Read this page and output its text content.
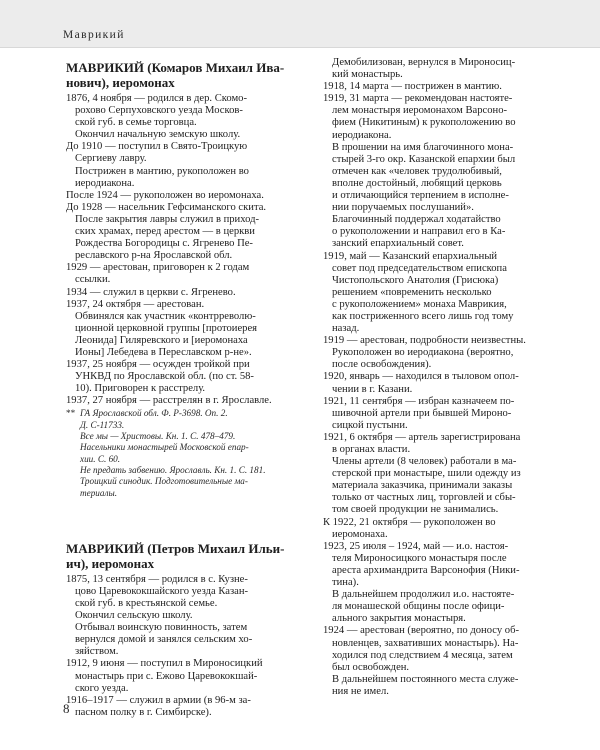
Маврикий
МАВРИКИЙ (Комаров Михаил Ива-
нович), иеромонах

1876, 4 ноября — родился в дер. Скомо-

рохово Серпуховского уезда Москов-

ской губ. в семье торговца.

Окончил начальную земскую школу.

До 1910 — поступил в Свято-Троицкую

Сергиеву лавру.

Пострижен в мантию, рукоположен во

иеродиакона.

После 1924 — рукоположен во иеромонаха.

До 1928 — насельник Гефсиманского скита.

После закрытия лавры служил в приход-

ских храмах, перед арестом — в церкви

Рождества Богородицы с. Ягренево Пе-

реславского р-на Ярославской обл.

1929 — арестован, приговорен к 2 годам

ссылки.

1934 — служил в церкви с. Ягренево.

1937, 24 октября — арестован.

Обвинялся как участник «контрреволю-

ционной церковной группы [протоиерея

Леонида] Гиляревского и [иеромонаха

Ионы] Лебедева в Переславском р-не».

1937, 25 ноября — осужден тройкой при

УНКВД по Ярославской обл. (по ст. 58-

10). Приговорен к расстрелу.

1937, 27 ноября — расстрелян в г. Ярославле.

** ГА Ярославской обл. Ф. Р-3698. Оп. 2.

Д. С-11733.

Все мы — Христовы. Кн. 1. С. 478–479.

Насельники монастырей Московской епар-

хии. С. 60.

Не предать забвению. Ярославль. Кн. 1. С. 181.

Троицкий синодик. Подготовительные ма-

териалы.

МАВРИКИЙ (Петров Михаил Ильи-
ич), иеромонах

1875, 13 сентября — родился в с. Кузне-

цово Царевококшайского уезда Казан-

ской губ. в крестьянской семье.

Окончил сельскую школу.

Отбывал воинскую повинность, затем

вернулся домой и занялся сельским хо-

зяйством.

1912, 9 июня — поступил в Мироносицкий

монастырь при с. Ежово Царевококшай-

ского уезда.

1916–1917 — служил в армии (в 96-м за-

пасном полку в г. Симбирске).

Демобилизован, вернулся в Мироносиц-

кий монастырь.

1918, 14 марта — пострижен в мантию.

1919, 31 марта — рекомендован настояте-

лем монастыря иеромонахом Варсоно-

фием (Никитиным) к рукоположению во

иеродиакона.

В прошении на имя благочинного мона-

стырей 3-го окр. Казанской епархии был

отмечен как «человек трудолюбивый,

вполне достойный, любящий церковь

и отличающийся терпением в исполне-

нии поручаемых послушаний».

Благочинный поддержал ходатайство

о рукоположении и направил его в Ка-

занский епархиальный совет.

1919, май — Казанский епархиальный

совет под председательством епископа

Чистопольского Анатолия (Грисюка)

решением «повременить несколько

с рукоположением» монаха Маврикия,

как постриженного всего лишь год тому

назад.

1919 — арестован, подробности неизвестны.

Рукоположен во иеродиакона (вероятно,

после освобождения).

1920, январь — находился в тыловом опол-

чении в г. Казани.

1921, 11 сентября — избран казначеем по-

шивочной артели при бывшей Мироно-

сицкой пустыни.

1921, 6 октября — артель зарегистрирована

в органах власти.

Члены артели (8 человек) работали в ма-

стерской при монастыре, шили одежду из

материала заказчика, принимали заказы

только от частных лиц, торговлей и сбы-

том своей продукции не занимались.

К 1922, 21 октября — рукоположен во

иеромонаха.

1923, 25 июля – 1924, май — и.о. настоя-

теля Мироносицкого монастыря после

ареста архимандрита Варсонофия (Ники-

тина).

В дальнейшем продолжил и.о. настояте-

ля монашеской общины после офици-

ального закрытия монастыря.

1924 — арестован (вероятно, по доносу об-

новленцев, захвативших монастырь). На-

ходился под следствием 4 месяца, затем

был освобожден.

В дальнейшем постоянного места служе-

ния не имел.

8
